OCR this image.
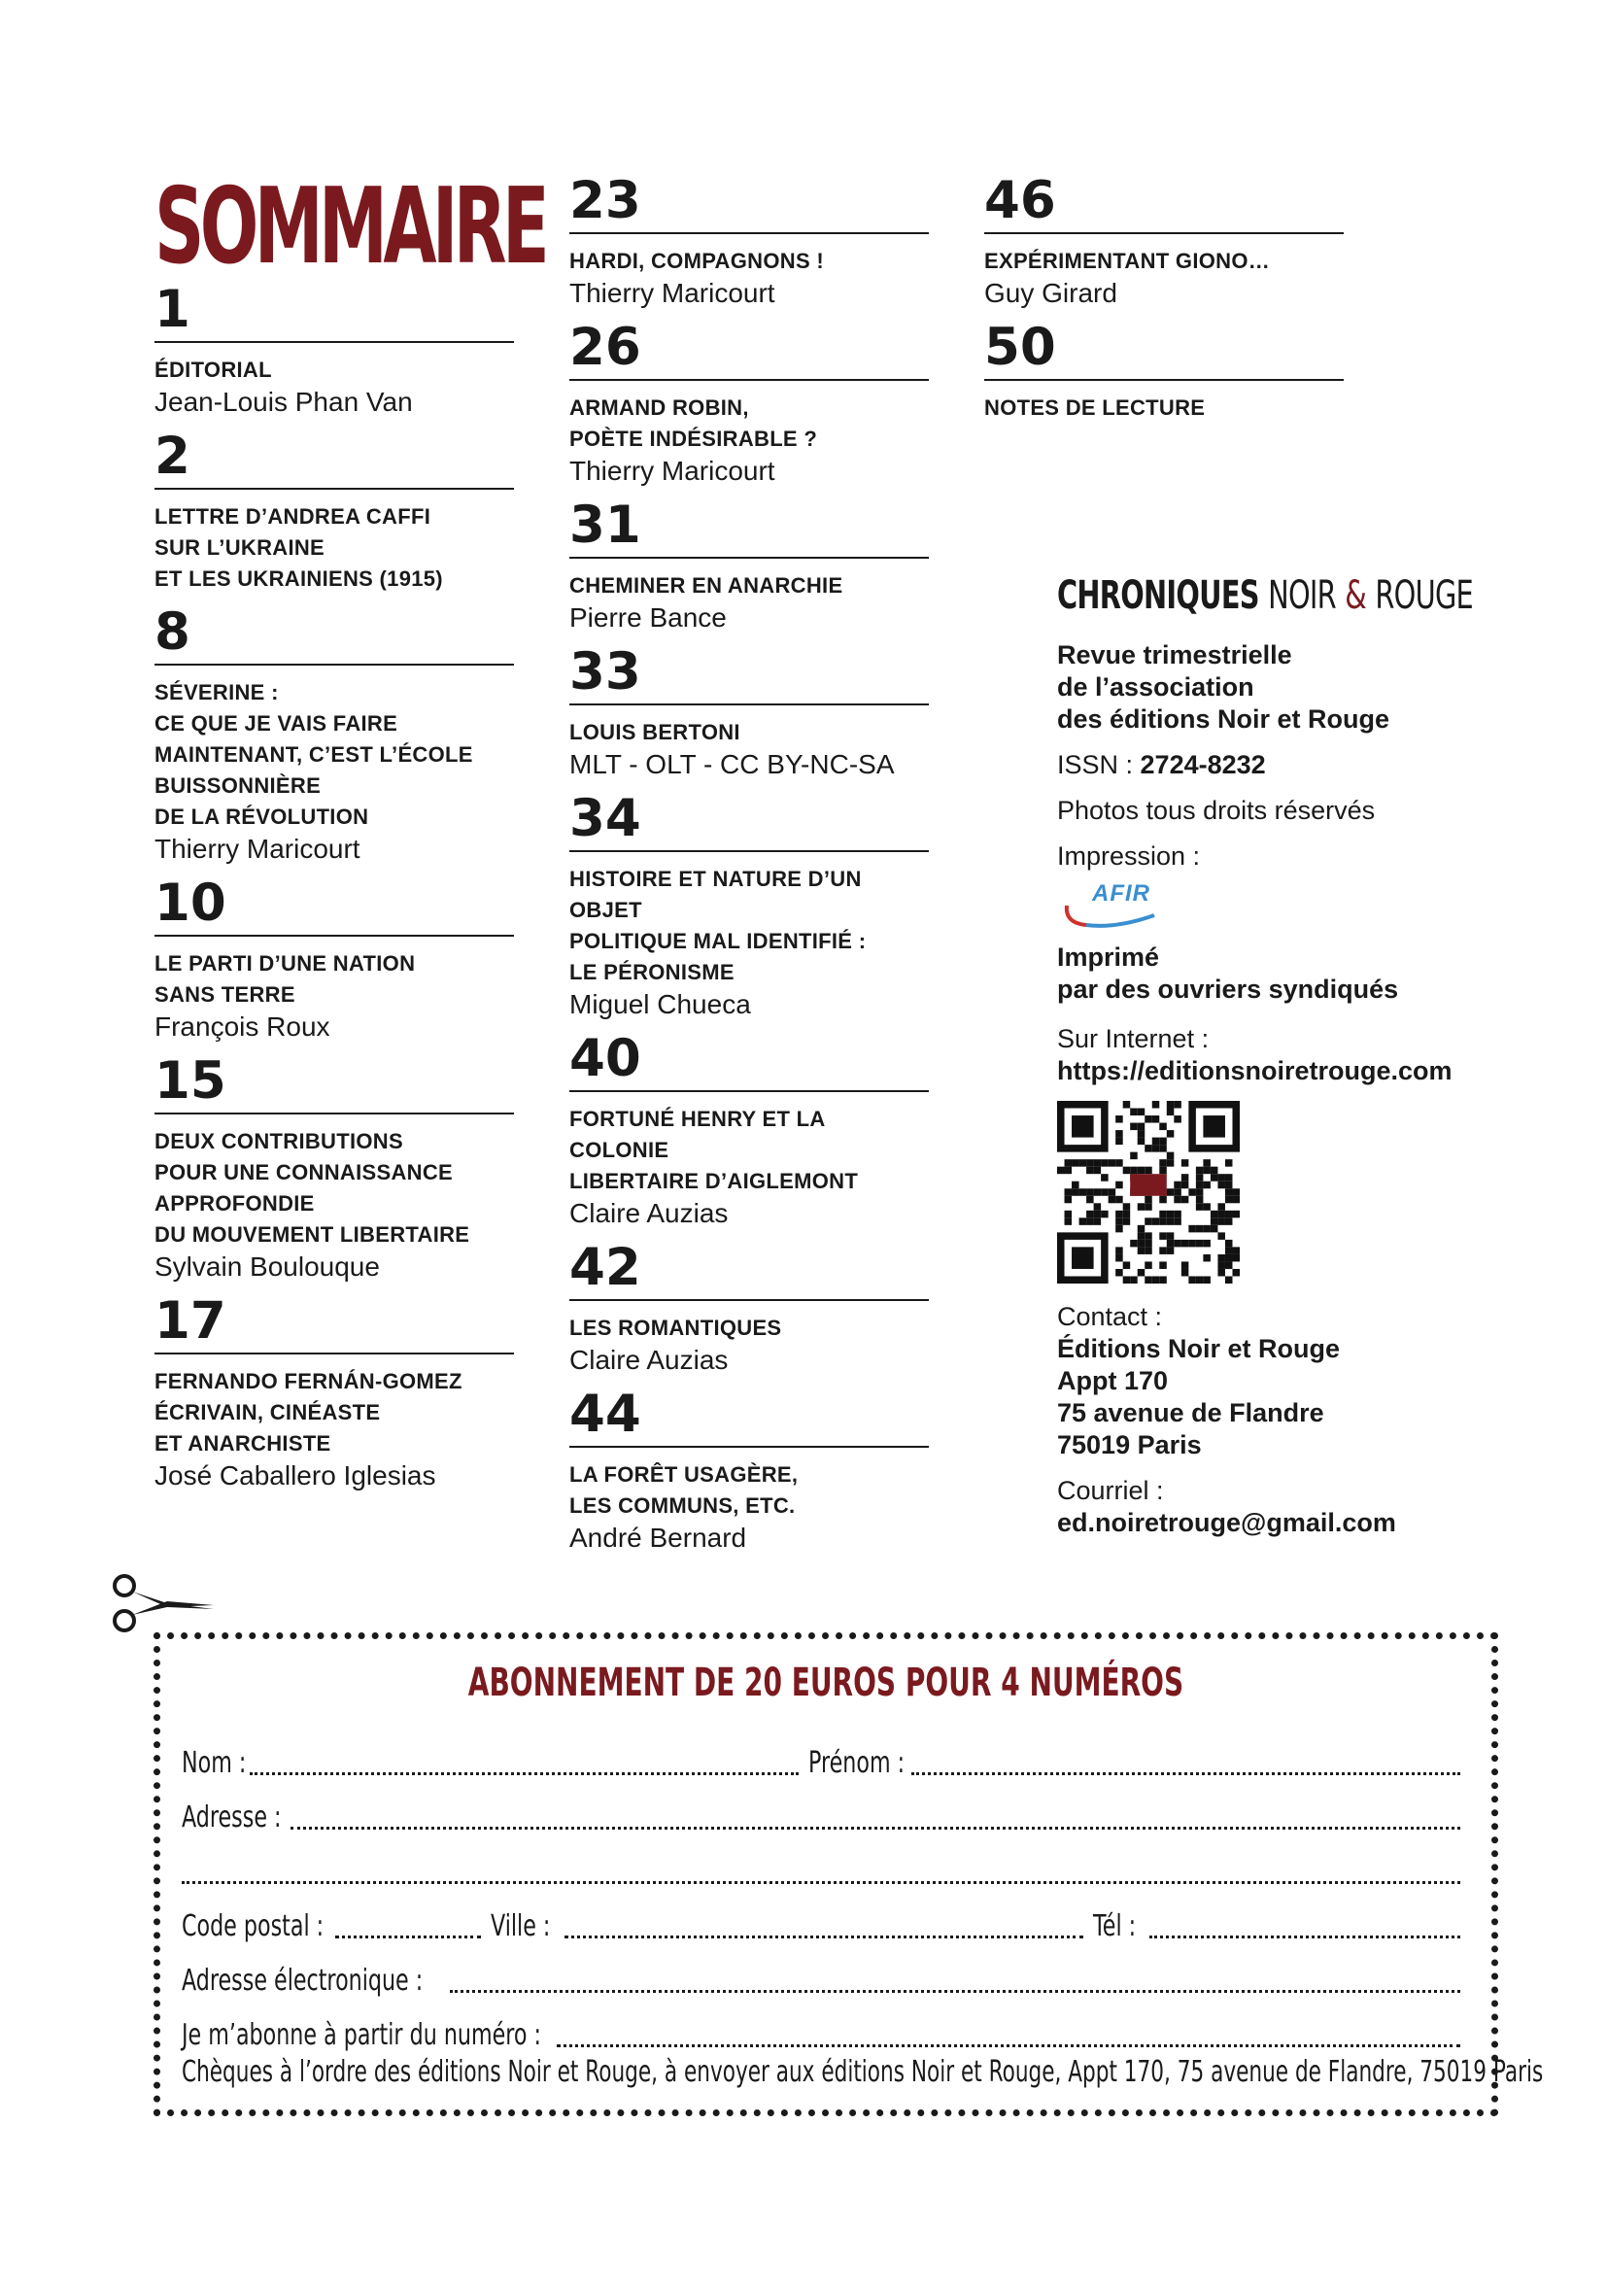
SOMMAIRE
1
ÉDITORIAL
Jean-Louis Phan Van
2
LETTRE D’ANDREA CAFFI
SUR L’UKRAINE
ET LES UKRAINIENS (1915)
8
SÉVERINE :
CE QUE JE VAIS FAIRE
MAINTENANT, C’EST L’ÉCOLE
BUISSONNIÈRE
DE LA RÉVOLUTION
Thierry Maricourt
10
LE PARTI D’UNE NATION
SANS TERRE
François Roux
15
DEUX CONTRIBUTIONS
POUR UNE CONNAISSANCE
APPROFONDIE
DU MOUVEMENT LIBERTAIRE
Sylvain Boulouque
17
FERNANDO FERNÁN-GOMEZ
ÉCRIVAIN, CINÉASTE
ET ANARCHISTE
José Caballero Iglesias
23
HARDI, COMPAGNONS !
Thierry Maricourt
26
ARMAND ROBIN,
POÈTE INDÉSIRABLE ?
Thierry Maricourt
31
CHEMINER EN ANARCHIE
Pierre Bance
33
LOUIS BERTONI
MLT - OLT - CC BY-NC-SA
34
HISTOIRE ET NATURE D’UN OBJET
POLITIQUE MAL IDENTIFIÉ :
LE PÉRONISME
Miguel Chueca
40
FORTUNÉ HENRY ET LA COLONIE
LIBERTAIRE D’AIGLEMONT
Claire Auzias
42
LES ROMANTIQUES
Claire Auzias
44
LA FORÊT USAGÈRE,
LES COMMUNS, ETC.
André Bernard
46
EXPÉRIMENTANT GIONO…
Guy Girard
50
NOTES DE LECTURE
CHRONIQUES NOIR & ROUGE
Revue trimestrielle
de l’association
des éditions Noir et Rouge
ISSN : 2724-8232
Photos tous droits réservés
Impression :
AFIR
Imprimé
par des ouvriers syndiqués
Sur Internet :
https://editionsnoiretrouge.com
Contact :
Éditions Noir et Rouge
Appt 170
75 avenue de Flandre
75019 Paris
Courriel :
ed.noiretrouge@gmail.com
ABONNEMENT DE 20 EUROS POUR 4 NUMÉROS
Nom :	Prénom :
Adresse :
Code postal :	Ville :	Tél :
Adresse électronique :
Je m’abonne à partir du numéro :
Chèques à l’ordre des éditions Noir et Rouge, à envoyer aux éditions Noir et Rouge, Appt 170, 75 avenue de Flandre, 75019 Paris
